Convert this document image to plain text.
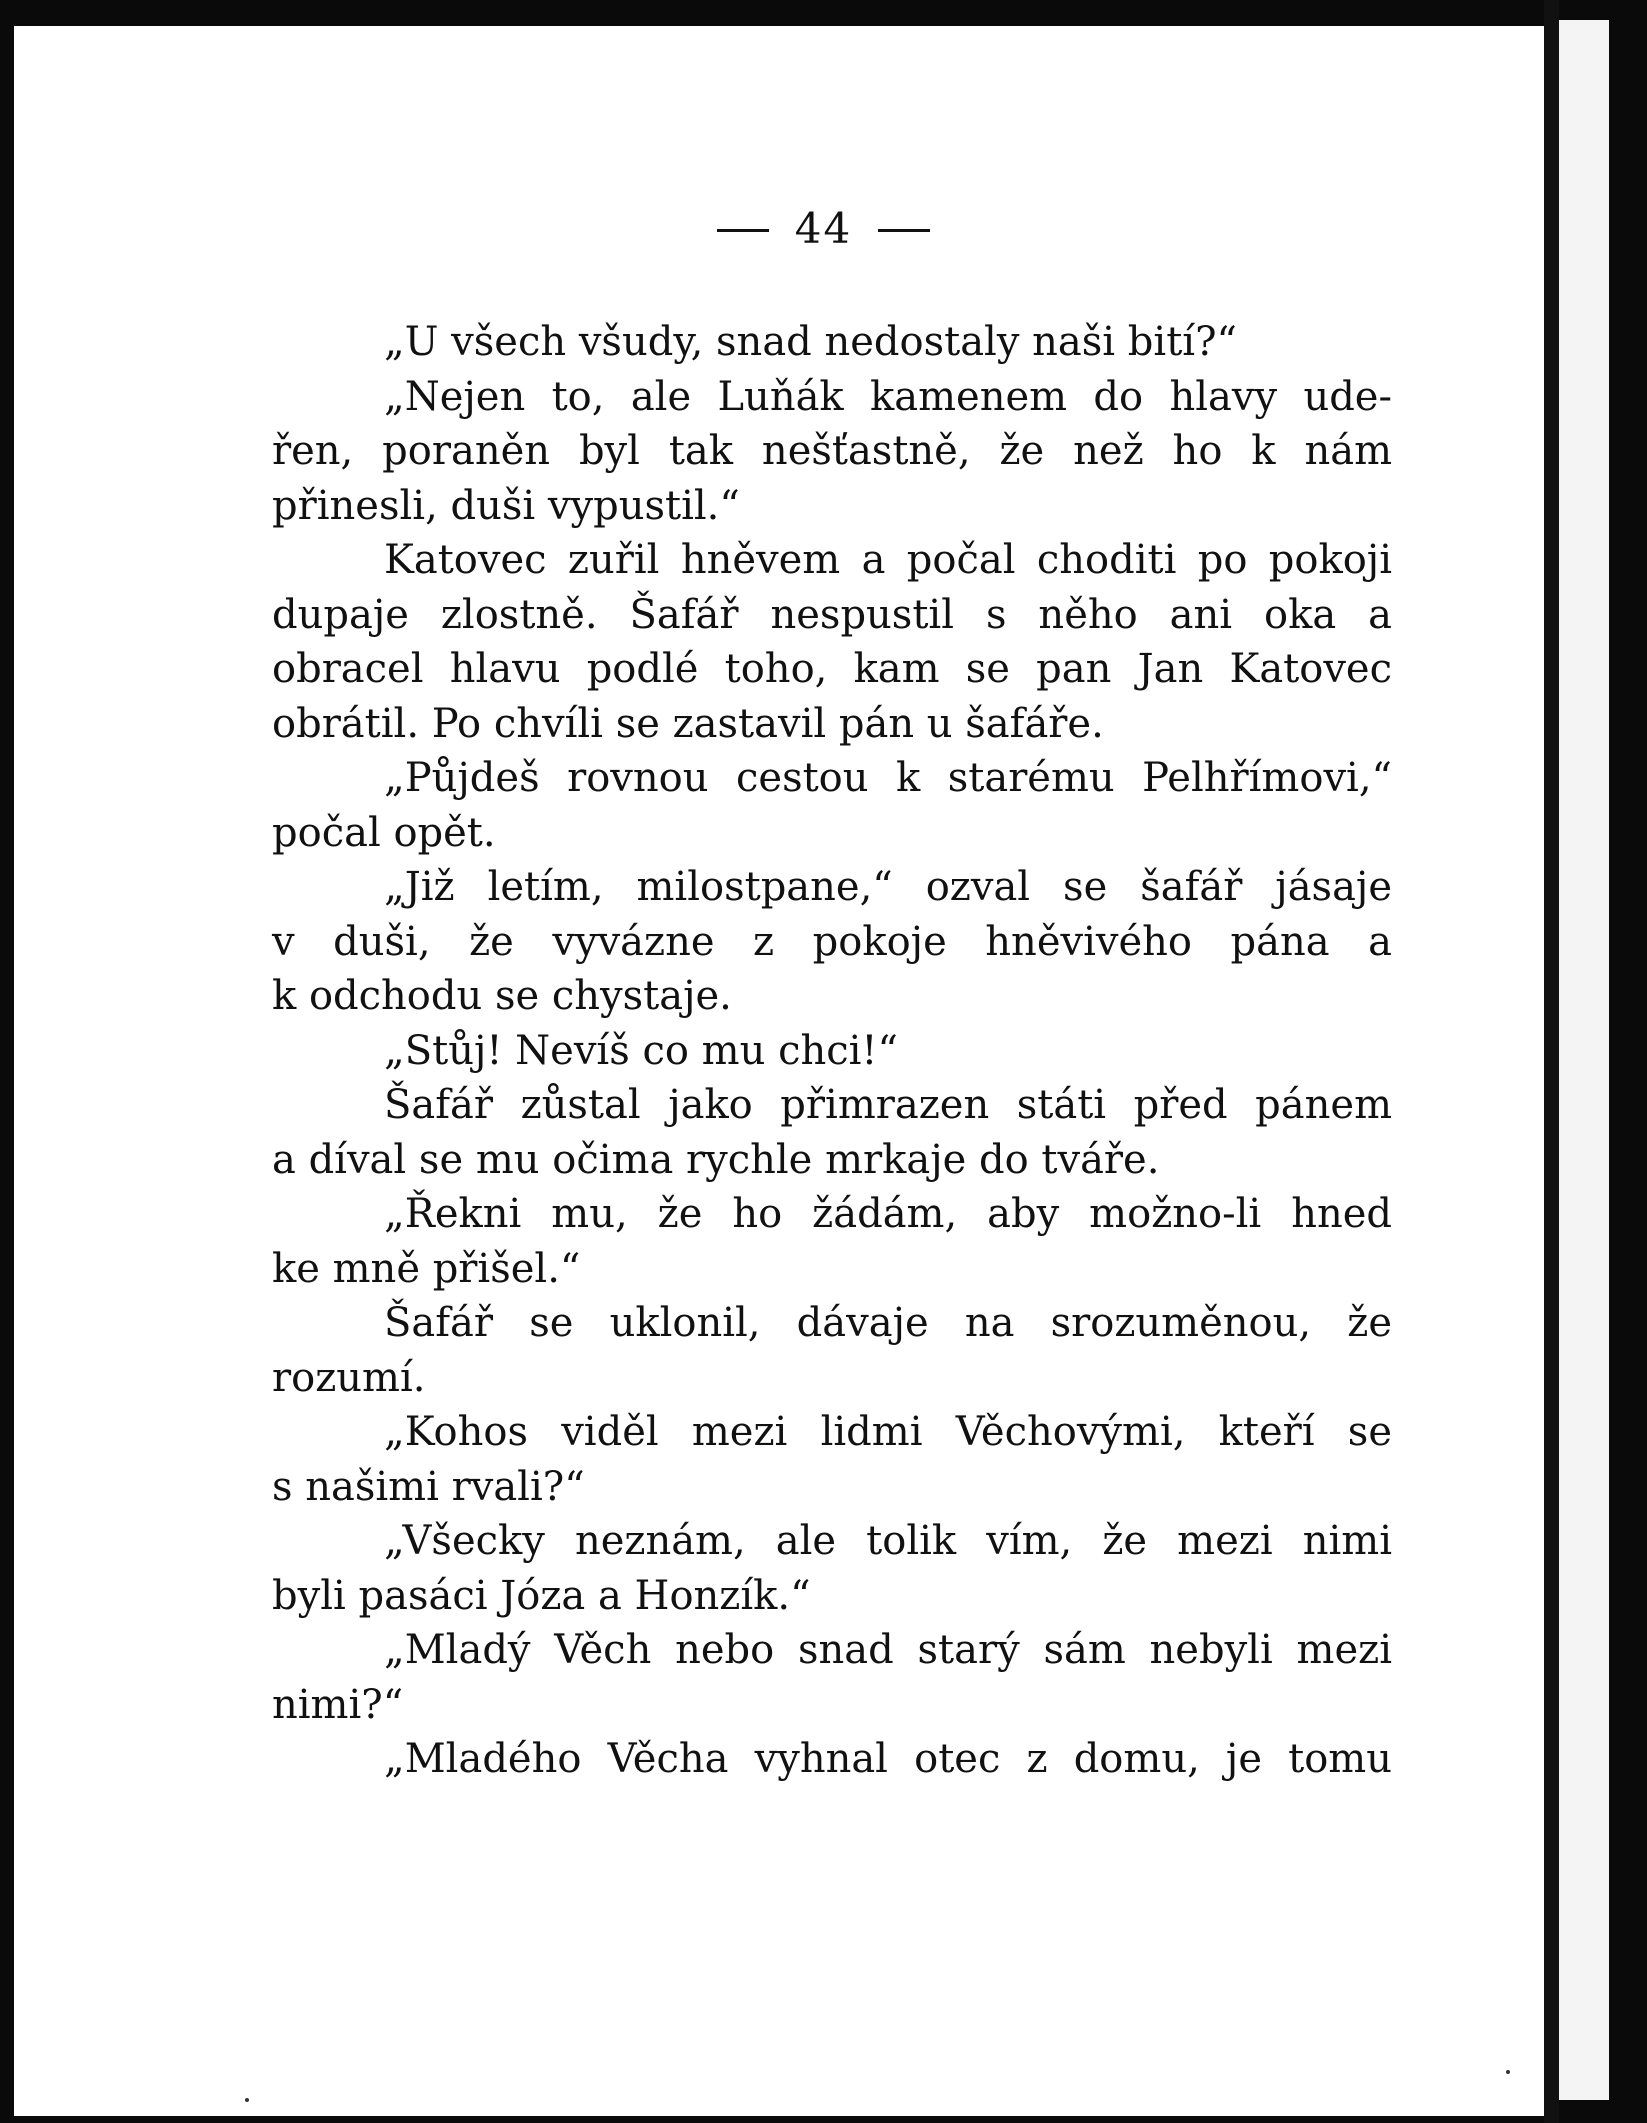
44
„U všech všudy, snad nedostaly naši bití?“
„Nejen to, ale Luňák kamenem do hlavy ude-
řen, poraněn byl tak nešťastně, že než ho k nám
přinesli, duši vypustil.“
Katovec zuřil hněvem a počal choditi po pokoji
dupaje zlostně. Šafář nespustil s něho ani oka a
obracel hlavu podlé toho, kam se pan Jan Katovec
obrátil. Po chvíli se zastavil pán u šafáře.
„Půjdeš rovnou cestou k starému Pelhřímovi,“
počal opět.
„Již letím, milostpane,“ ozval se šafář jásaje
v duši, že vyvázne z pokoje hněvivého pána a
k odchodu se chystaje.
„Stůj! Nevíš co mu chci!“
Šafář zůstal jako přimrazen státi před pánem
a díval se mu očima rychle mrkaje do tváře.
„Řekni mu, že ho žádám, aby možno-li hned
ke mně přišel.“
Šafář se uklonil, dávaje na srozuměnou, že
rozumí.
„Kohos viděl mezi lidmi Věchovými, kteří se
s našimi rvali?“
„Všecky neznám, ale tolik vím, že mezi nimi
byli pasáci Józa a Honzík.“
„Mladý Věch nebo snad starý sám nebyli mezi
nimi?“
„Mladého Věcha vyhnal otec z domu, je tomu
